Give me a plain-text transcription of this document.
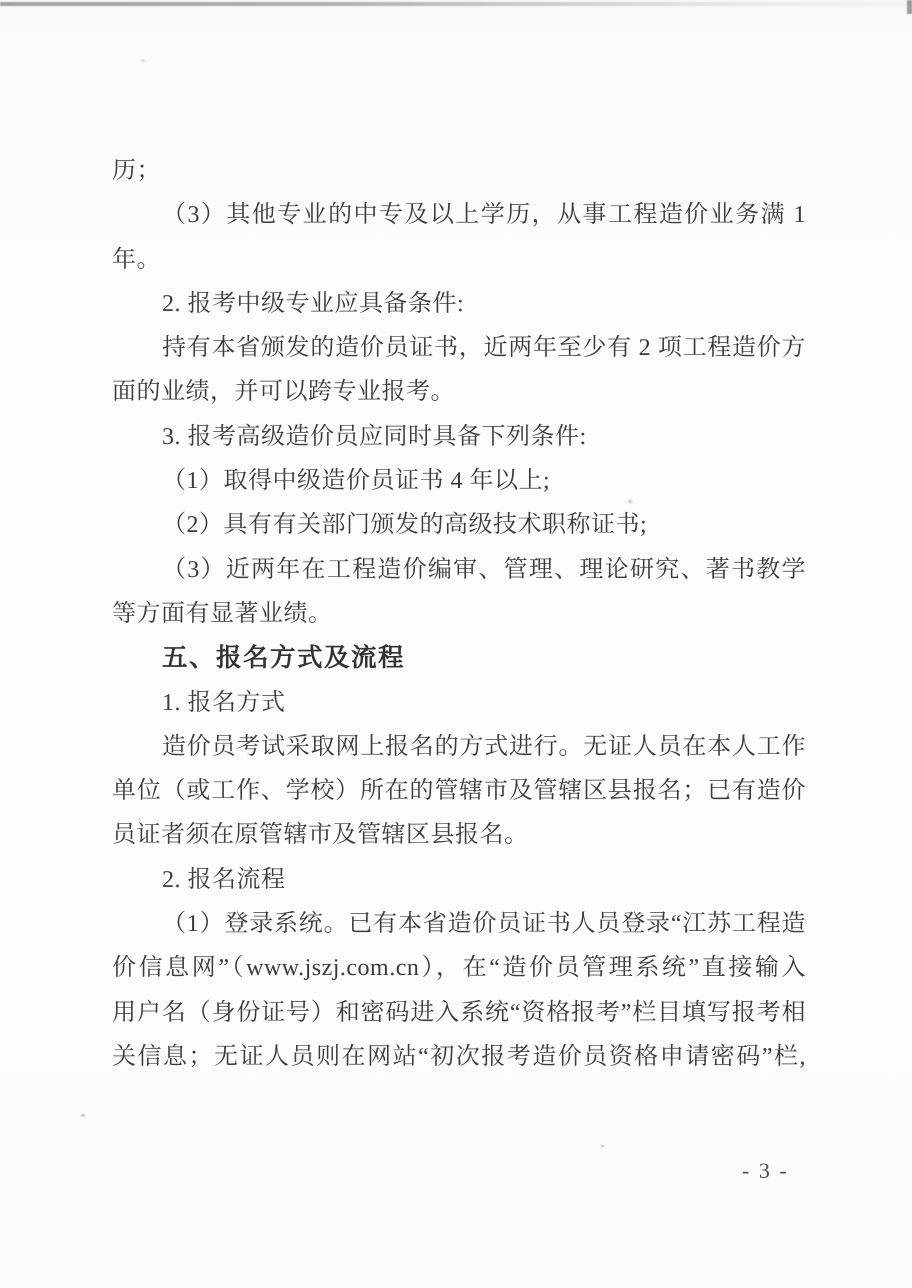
历；
（3）其他专业的中专及以上学历，从事工程造价业务满 1
年。
2. 报考中级专业应具备条件:
持有本省颁发的造价员证书，近两年至少有 2 项工程造价方
面的业绩，并可以跨专业报考。
3. 报考高级造价员应同时具备下列条件:
（1）取得中级造价员证书 4 年以上;
（2）具有有关部门颁发的高级技术职称证书;
（3）近两年在工程造价编审、管理、理论研究、著书教学
等方面有显著业绩。
五、报名方式及流程
1. 报名方式
造价员考试采取网上报名的方式进行。无证人员在本人工作
单位（或工作、学校）所在的管辖市及管辖区县报名；已有造价
员证者须在原管辖市及管辖区县报名。
2. 报名流程
（1）登录系统。已有本省造价员证书人员登录“江苏工程造
价信息网”（www.jszj.com.cn），在“造价员管理系统”直接输入
用户名（身份证号）和密码进入系统“资格报考”栏目填写报考相
关信息；无证人员则在网站“初次报考造价员资格申请密码”栏,
- 3 -
